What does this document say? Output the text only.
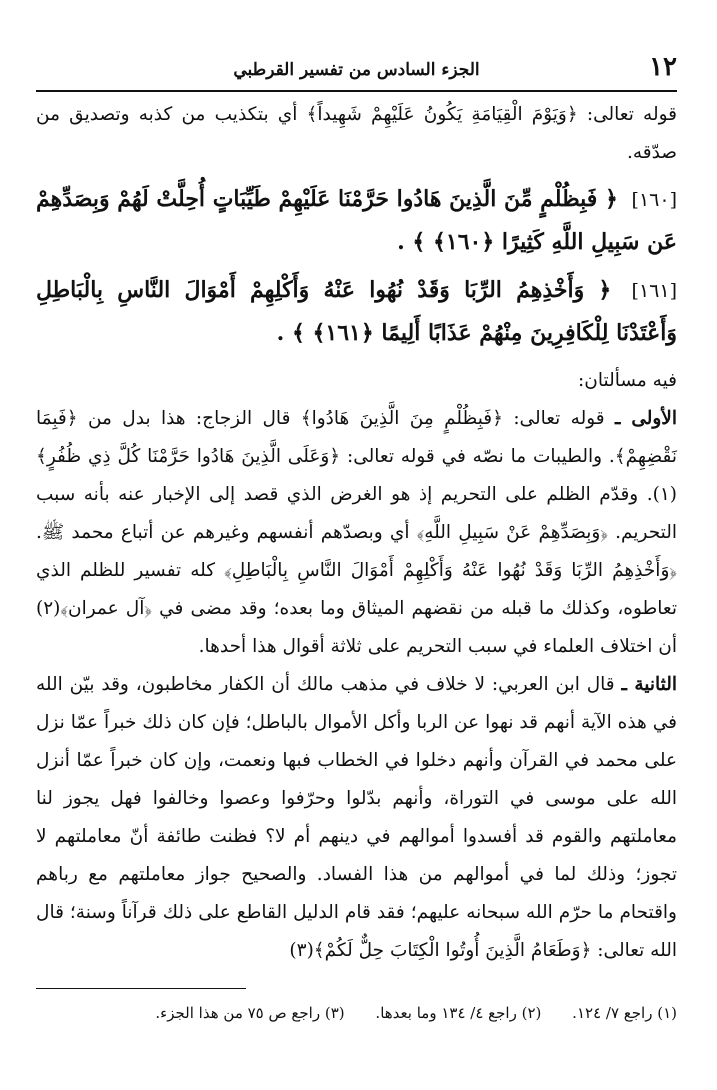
١٢
الجزء السادس من تفسير القرطبي

قوله تعالى: ﴿وَيَوْمَ الْقِيَامَةِ يَكُونُ عَلَيْهِمْ شَهِيداً﴾ أي بتكذيب من كذبه وتصديق من صدّقه.

[١٦٠] ﴿ فَبِظُلْمٍ مِّنَ الَّذِينَ هَادُوا حَرَّمْنَا عَلَيْهِمْ طَيِّبَاتٍ أُحِلَّتْ لَهُمْ وَبِصَدِّهِمْ عَن سَبِيلِ اللَّهِ كَثِيرًا ﴿١٦٠﴾ ﴾ .

[١٦١] ﴿ وَأَخْذِهِمُ الرِّبَا وَقَدْ نُهُوا عَنْهُ وَأَكْلِهِمْ أَمْوَالَ النَّاسِ بِالْبَاطِلِ وَأَعْتَدْنَا لِلْكَافِرِينَ مِنْهُمْ عَذَابًا أَلِيمًا ﴿١٦١﴾ ﴾ .

فيه مسألتان:

الأولى ـ قوله تعالى: ﴿فَبِظُلْمٍ مِنَ الَّذِينَ هَادُوا﴾ قال الزجاج: هذا بدل من ﴿فَبِمَا نَقْضِهِمْ﴾. والطيبات ما نصّه في قوله تعالى: ﴿وَعَلَى الَّذِينَ هَادُوا حَرَّمْنَا كُلَّ ذِي ظُفُرٍ﴾(١). وقدّم الظلم على التحريم إذ هو الغرض الذي قصد إلى الإخبار عنه بأنه سبب التحريم. ﴿وَبِصَدِّهِمْ عَنْ سَبِيلِ اللَّهِ﴾ أي وبصدّهم أنفسهم وغيرهم عن أتباع محمد ﷺ. ﴿وَأَخْذِهِمُ الرِّبَا وَقَدْ نُهُوا عَنْهُ وَأَكْلِهِمْ أَمْوَالَ النَّاسِ بِالْبَاطِلِ﴾ كله تفسير للظلم الذي تعاطوه، وكذلك ما قبله من نقضهم الميثاق وما بعده؛ وقد مضى في ﴿آل عمران﴾(٢) أن اختلاف العلماء في سبب التحريم على ثلاثة أقوال هذا أحدها.

الثانية ـ قال ابن العربي: لا خلاف في مذهب مالك أن الكفار مخاطبون، وقد بيّن الله في هذه الآية أنهم قد نهوا عن الربا وأكل الأموال بالباطل؛ فإن كان ذلك خبراً عمّا نزل على محمد في القرآن وأنهم دخلوا في الخطاب فبها ونعمت، وإن كان خبراً عمّا أنزل الله على موسى في التوراة، وأنهم بدّلوا وحرّفوا وعصوا وخالفوا فهل يجوز لنا معاملتهم والقوم قد أفسدوا أموالهم في دينهم أم لا؟ فظنت طائفة أنّ معاملتهم لا تجوز؛ وذلك لما في أموالهم من هذا الفساد. والصحيح جواز معاملتهم مع رباهم واقتحام ما حرّم الله سبحانه عليهم؛ فقد قام الدليل القاطع على ذلك قرآناً وسنة؛ قال الله تعالى: ﴿وَطَعَامُ الَّذِينَ أُوتُوا الْكِتَابَ حِلٌّ لَكُمْ﴾(٣)

(١) راجع ٧/ ١٢٤. (٢) راجع ٤/ ١٣٤ وما بعدها. (٣) راجع ص ٧٥ من هذا الجزء.
